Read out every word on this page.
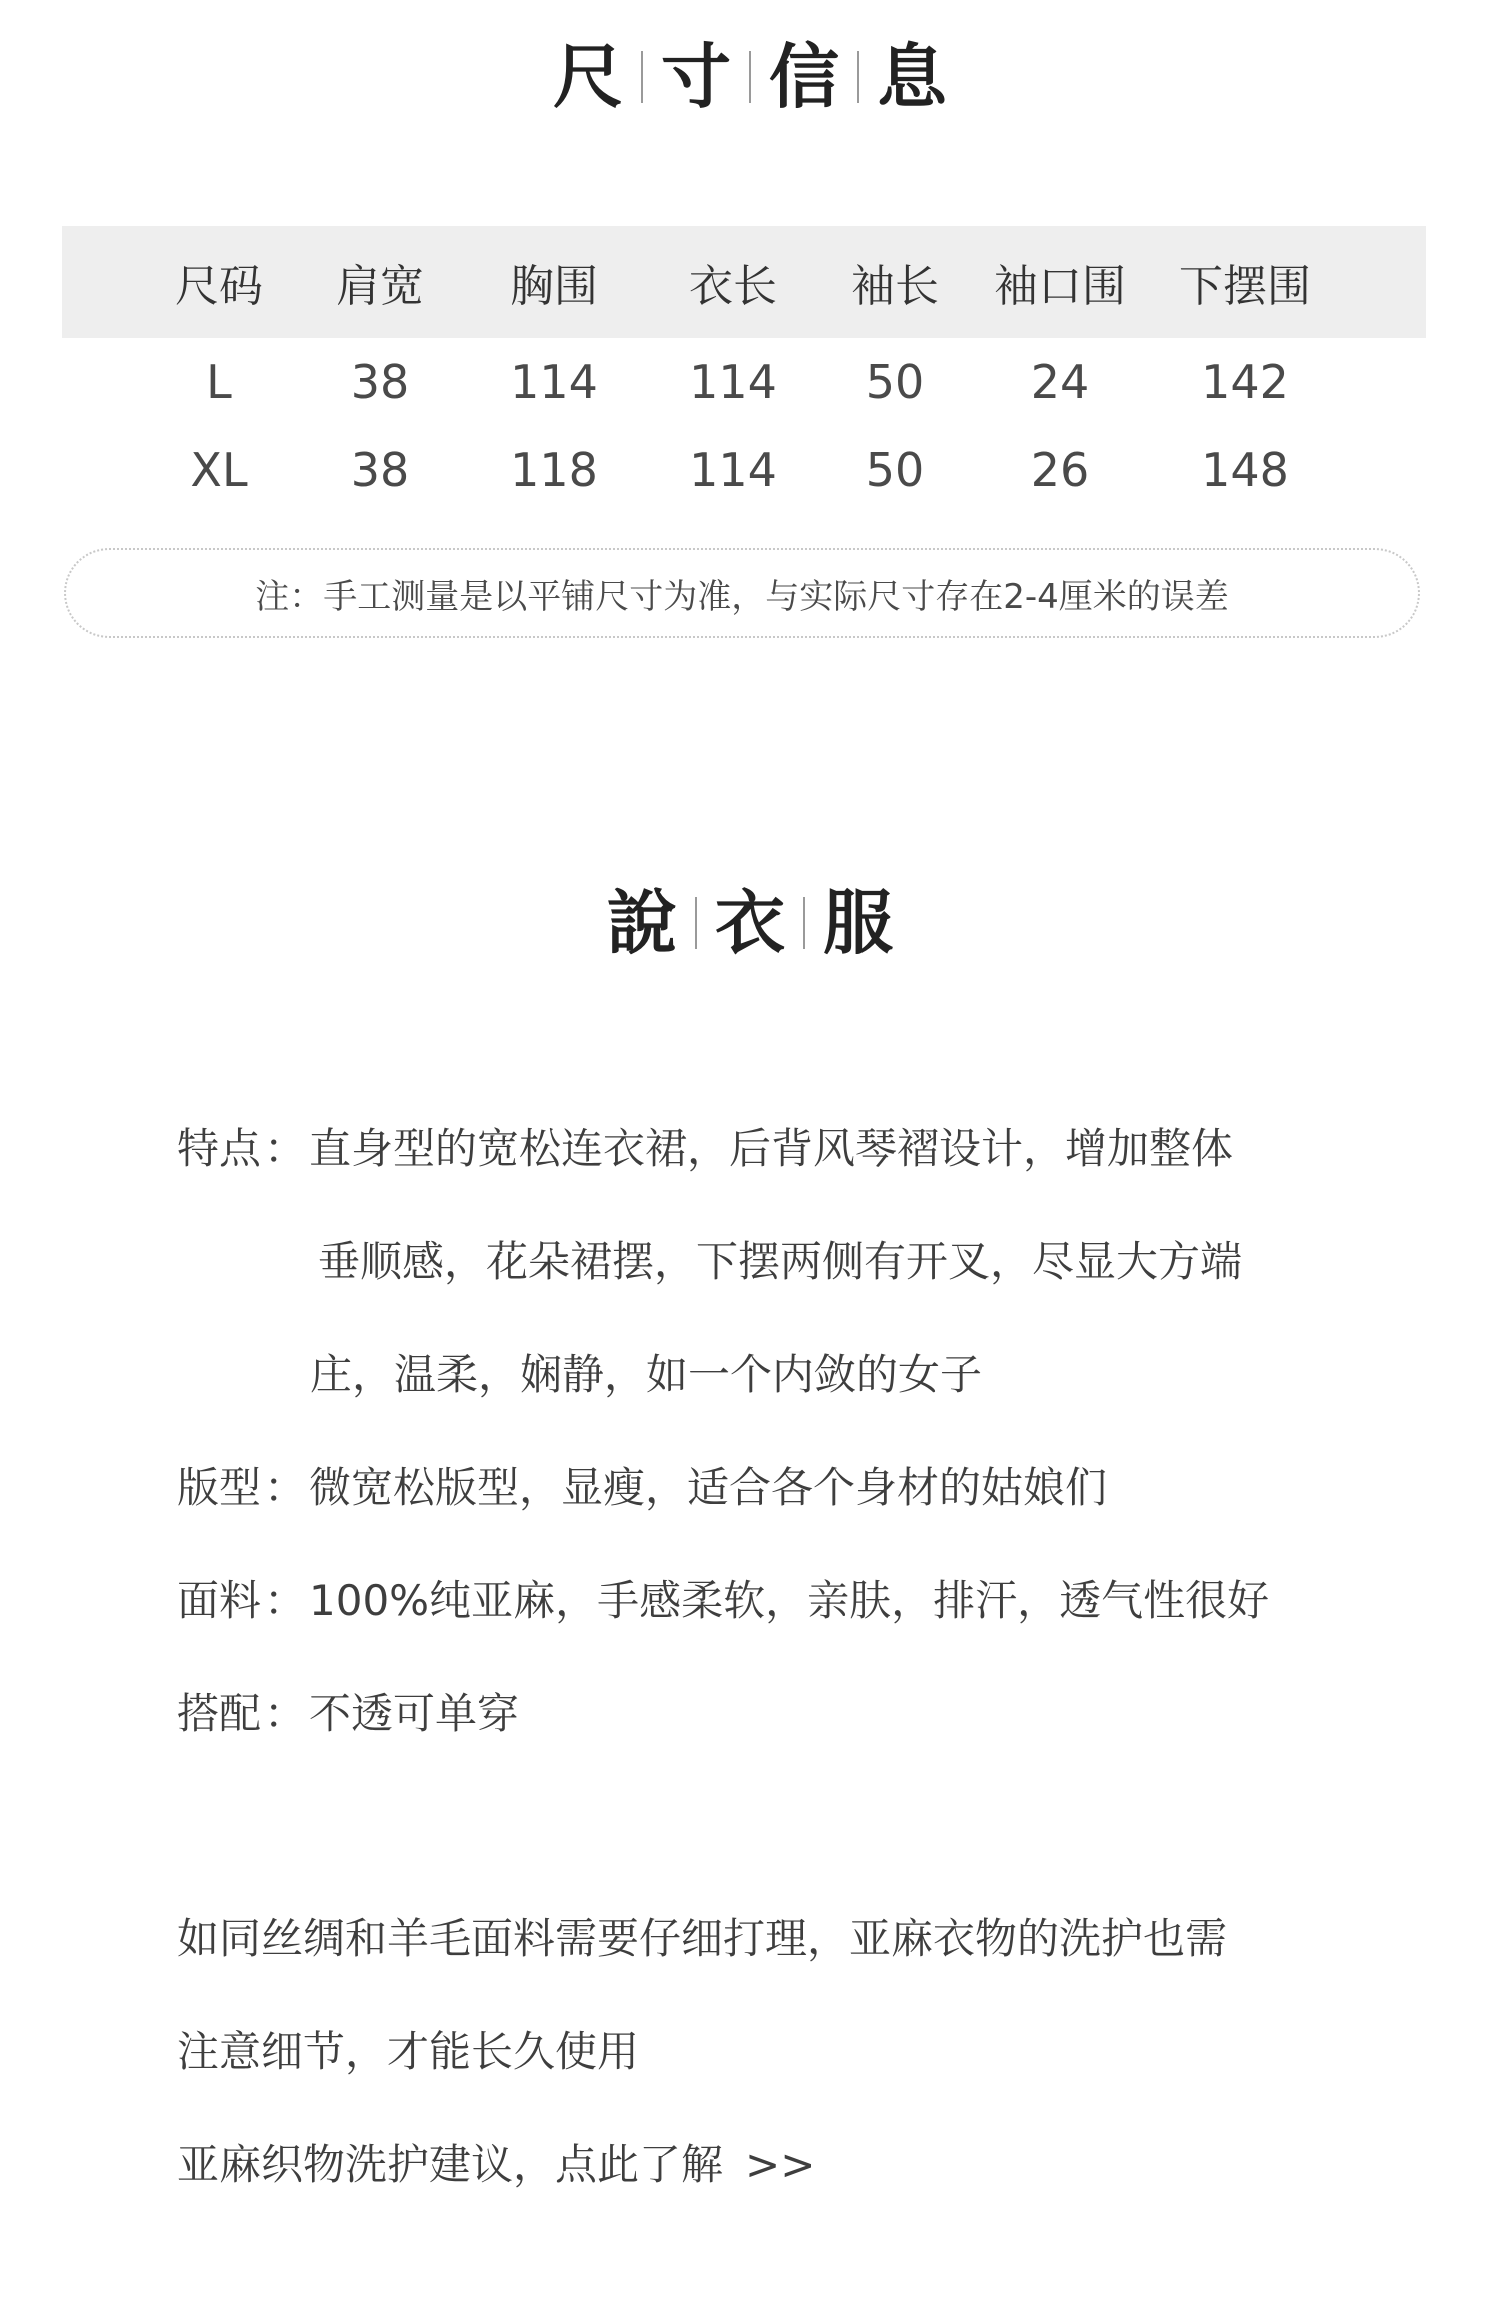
尺 寸 信 息
尺码 肩宽 胸围 衣长 袖长 袖口围 下摆围
L	38 114 114 50 24 142
XL 38 118 114 50 26 148
注：手工测量是以平铺尺寸为准，与实际尺寸存在2-4厘米的误差
說 衣 服
特点：直身型的宽松连衣裙，后背风琴褶设计，增加整体
垂顺感，花朵裙摆，下摆两侧有开叉，尽显大方端
庄，温柔，娴静，如一个内敛的女子
版型：微宽松版型，显瘦，适合各个身材的姑娘们
面料：100%纯亚麻，手感柔软，亲肤，排汗，透气性很好
搭配：不透可单穿
如同丝绸和羊毛面料需要仔细打理，亚麻衣物的洗护也需
注意细节，才能长久使用
亚麻织物洗护建议，点此了解 >>
